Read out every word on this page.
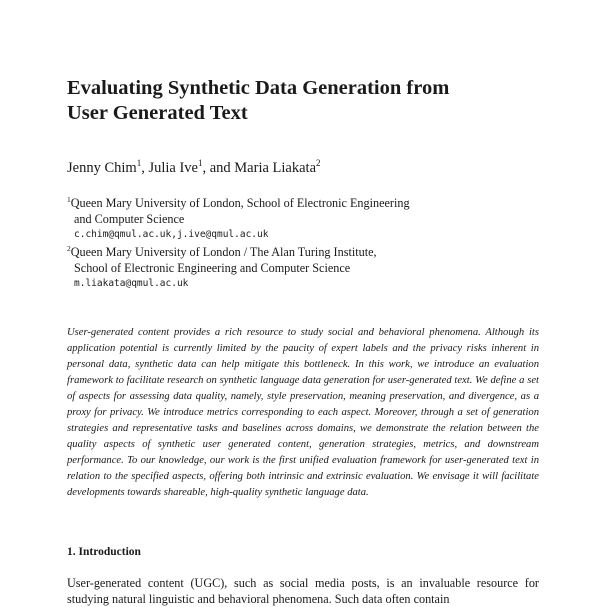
Evaluating Synthetic Data Generation from
User Generated Text
Jenny Chim$^1$, Julia Ive$^1$, and Maria Liakata$^2$
$^1$Queen Mary University of London, School of Electronic Engineering
and Computer Science
c.chim@qmul.ac.uk,j.ive@qmul.ac.uk
$^2$Queen Mary University of London / The Alan Turing Institute,
School of Electronic Engineering and Computer Science
m.liakata@qmul.ac.uk

User-generated content provides a rich resource to study social and behavioral phenomena. Although its application potential is currently limited by the paucity of expert labels and the privacy risks inherent in personal data, synthetic data can help mitigate this bottleneck. In this work, we introduce an evaluation framework to facilitate research on synthetic language data generation for user-generated text. We define a set of aspects for assessing data quality, namely, style preservation, meaning preservation, and divergence, as a proxy for privacy. We introduce metrics corresponding to each aspect. Moreover, through a set of generation strategies and representative tasks and baselines across domains, we demonstrate the relation between the quality aspects of synthetic user generated content, generation strategies, metrics, and downstream performance. To our knowledge, our work is the first unified evaluation framework for user-generated text in relation to the specified aspects, offering both intrinsic and extrinsic evaluation. We envisage it will facilitate developments towards shareable, high-quality synthetic language data.

1. Introduction

User-generated content (UGC), such as social media posts, is an invaluable resource for studying natural linguistic and behavioral phenomena. Such data often contain
